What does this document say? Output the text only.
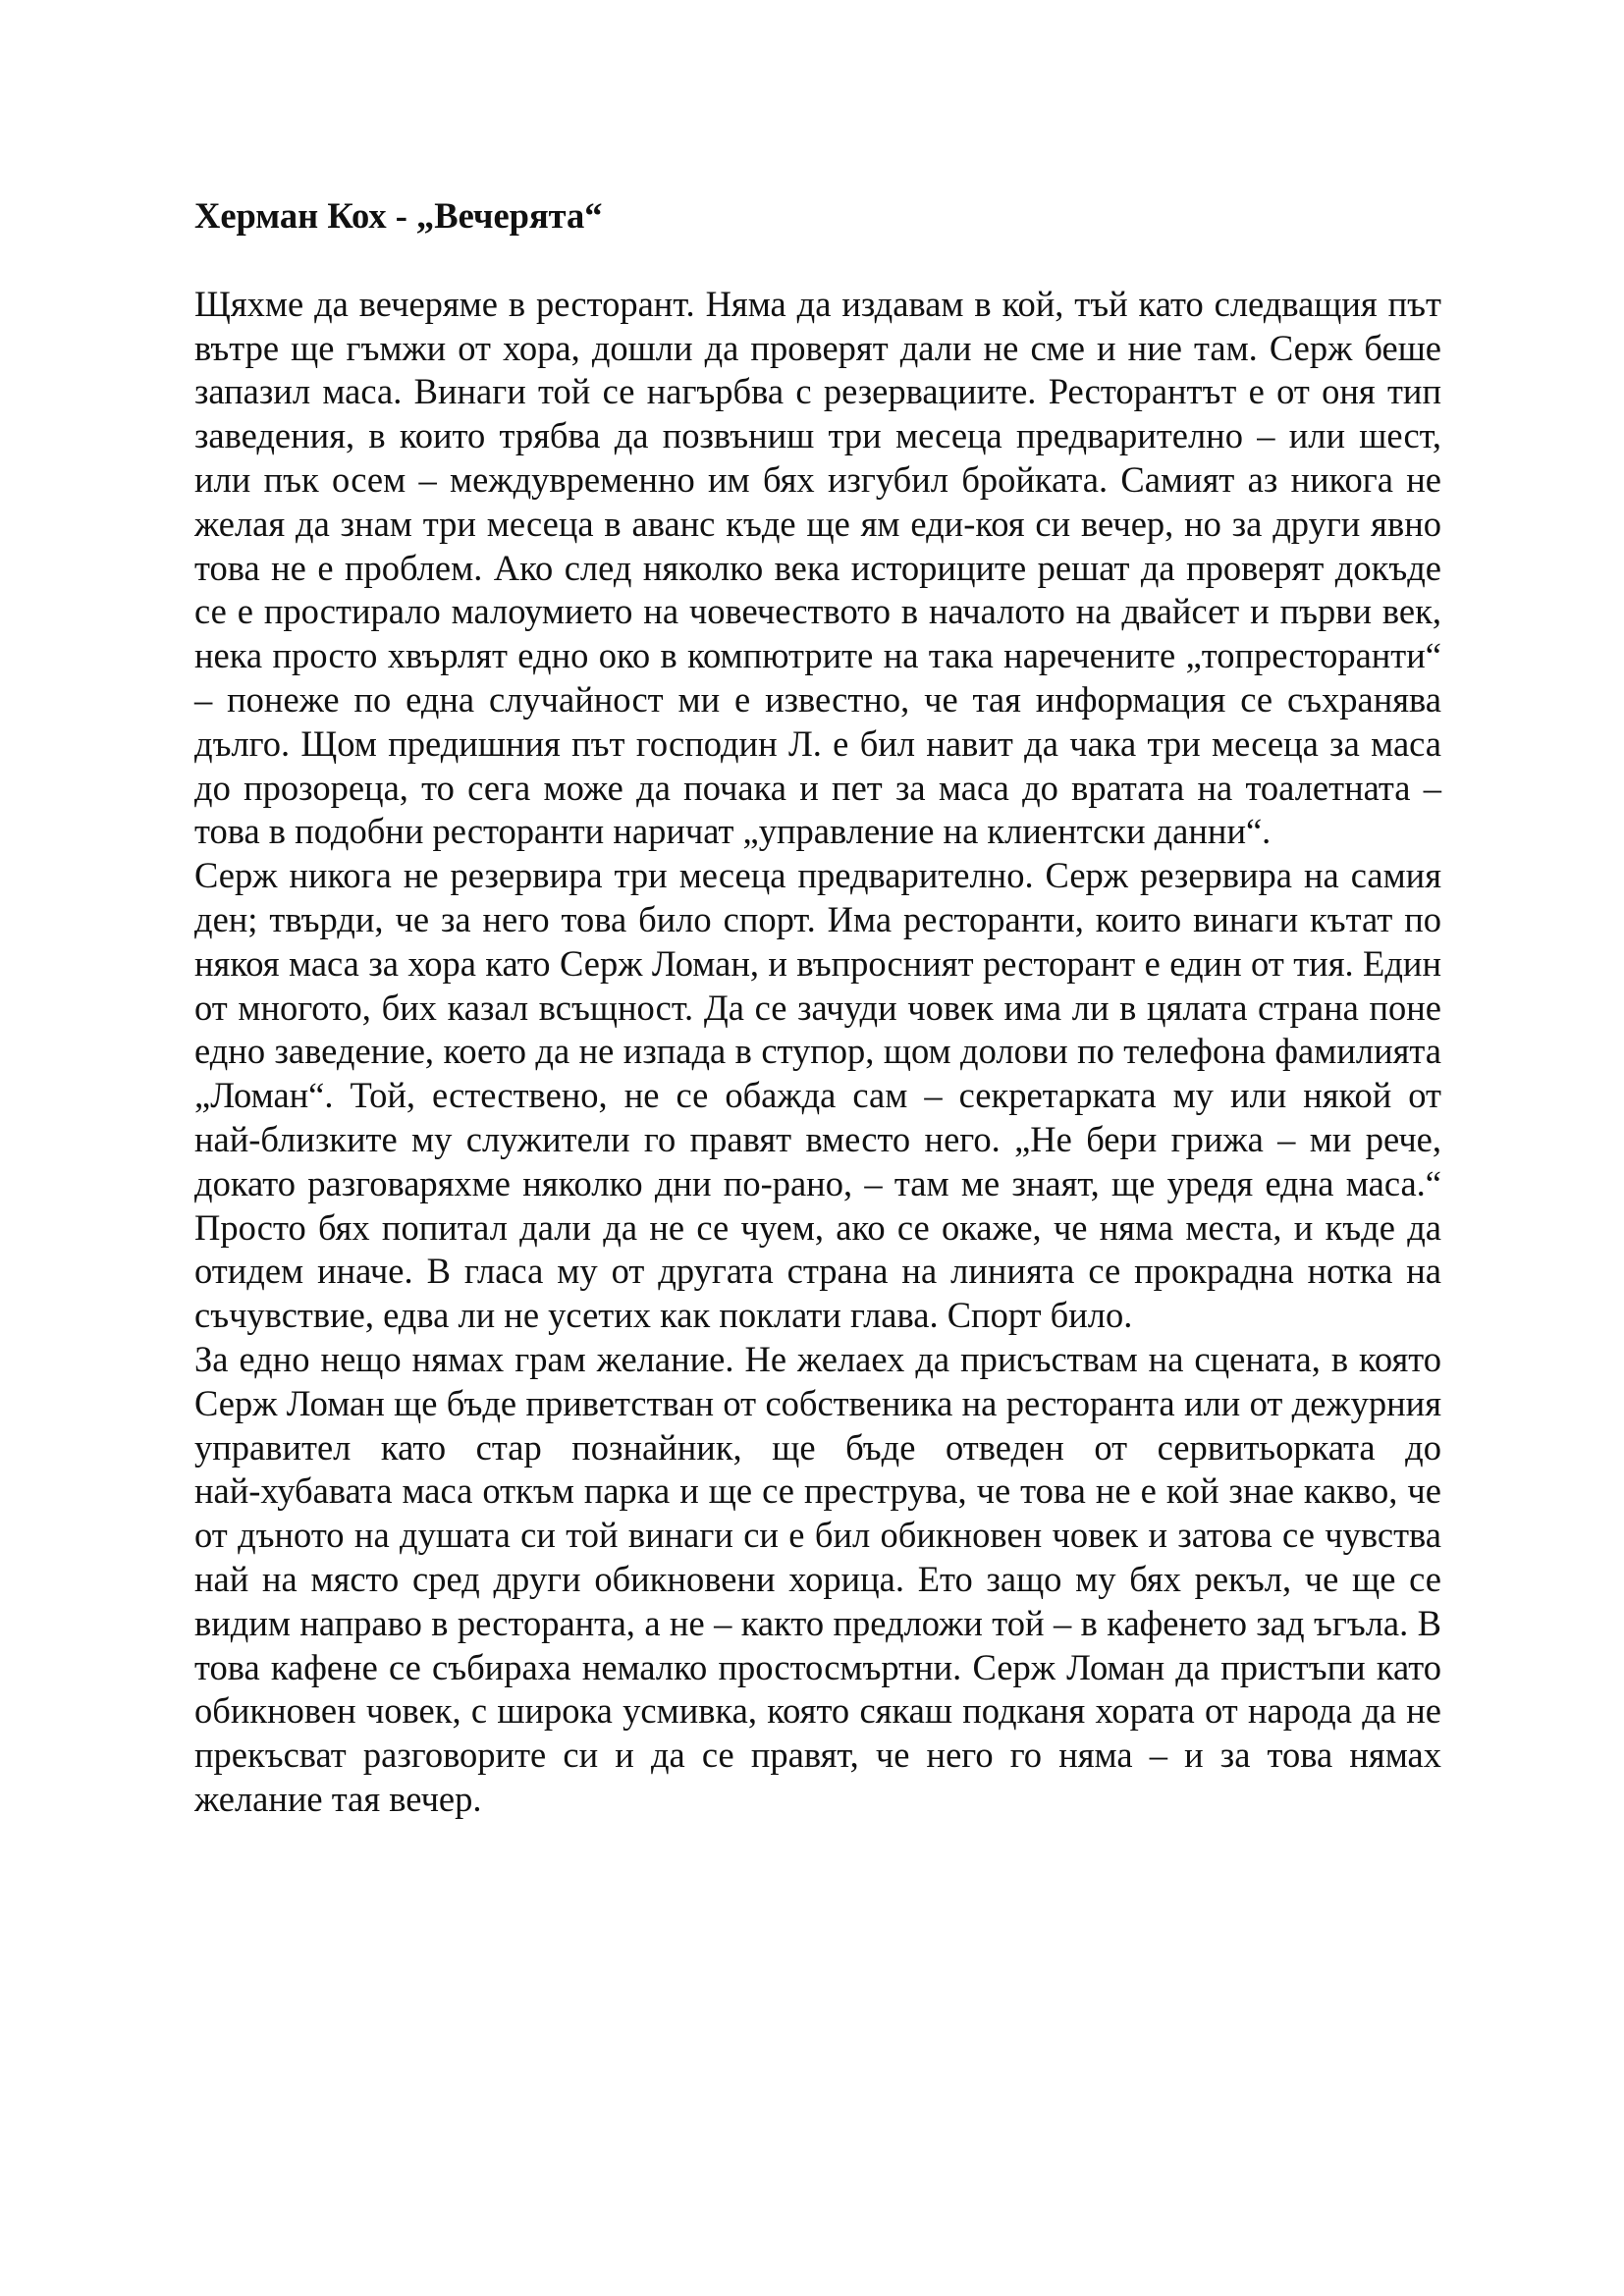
Херман Кох - „Вечерята“

Щяхме да вечеряме в ресторант. Няма да издавам в кой, тъй като следващия път вътре ще гъмжи от хора, дошли да проверят дали не сме и ние там. Серж беше запазил маса. Винаги той се нагърбва с резервациите. Ресторантът е от оня тип заведения, в които трябва да позвъниш три месеца предварително – или шест, или пък осем – междувременно им бях изгубил бройката. Самият аз никога не желая да знам три месеца в аванс къде ще ям еди-коя си вечер, но за други явно това не е проблем. Ако след няколко века историците решат да проверят докъде се е простирало малоумието на човечеството в началото на двайсет и първи век, нека просто хвърлят едно око в компютрите на така наречените „топресторанти“ – понеже по една случайност ми е известно, че тая информация се съхранява дълго. Щом предишния път господин Л. е бил навит да чака три месеца за маса до прозореца, то сега може да почака и пет за маса до вратата на тоалетната – това в подобни ресторанти наричат „управление на клиентски данни“.

Серж никога не резервира три месеца предварително. Серж резервира на самия ден; твърди, че за него това било спорт. Има ресторанти, които винаги кътат по някоя маса за хора като Серж Ломан, и въпросният ресторант е един от тия. Един от многото, бих казал всъщност. Да се зачуди човек има ли в цялата страна поне едно заведение, което да не изпада в ступор, щом долови по телефона фамилията „Ломан“. Той, естествено, не се обажда сам – секретарката му или някой от най‑близките му служители го правят вместо него. „Не бери грижа – ми рече, докато разговаряхме няколко дни по‑рано, – там ме знаят, ще уредя една маса.“ Просто бях попитал дали да не се чуем, ако се окаже, че няма места, и къде да отидем иначе. В гласа му от другата страна на линията се прокрадна нотка на съчувствие, едва ли не усетих как поклати глава. Спорт било.

За едно нещо нямах грам желание. Не желаех да присъствам на сцената, в която Серж Ломан ще бъде приветстван от собственика на ресторанта или от дежурния управител като стар познайник, ще бъде отведен от сервитьорката до най‑хубавата маса откъм парка и ще се преструва, че това не е кой знае какво, че от дъното на душата си той винаги си е бил обикновен човек и затова се чувства най на място сред други обикновени хорица. Ето защо му бях рекъл, че ще се видим направо в ресторанта, а не – както предложи той – в кафенето зад ъгъла. В това кафене се събираха немалко простосмъртни. Серж Ломан да пристъпи като обикновен човек, с широка усмивка, която сякаш подканя хората от народа да не прекъсват разговорите си и да се правят, че него го няма – и за това нямах желание тая вечер.
